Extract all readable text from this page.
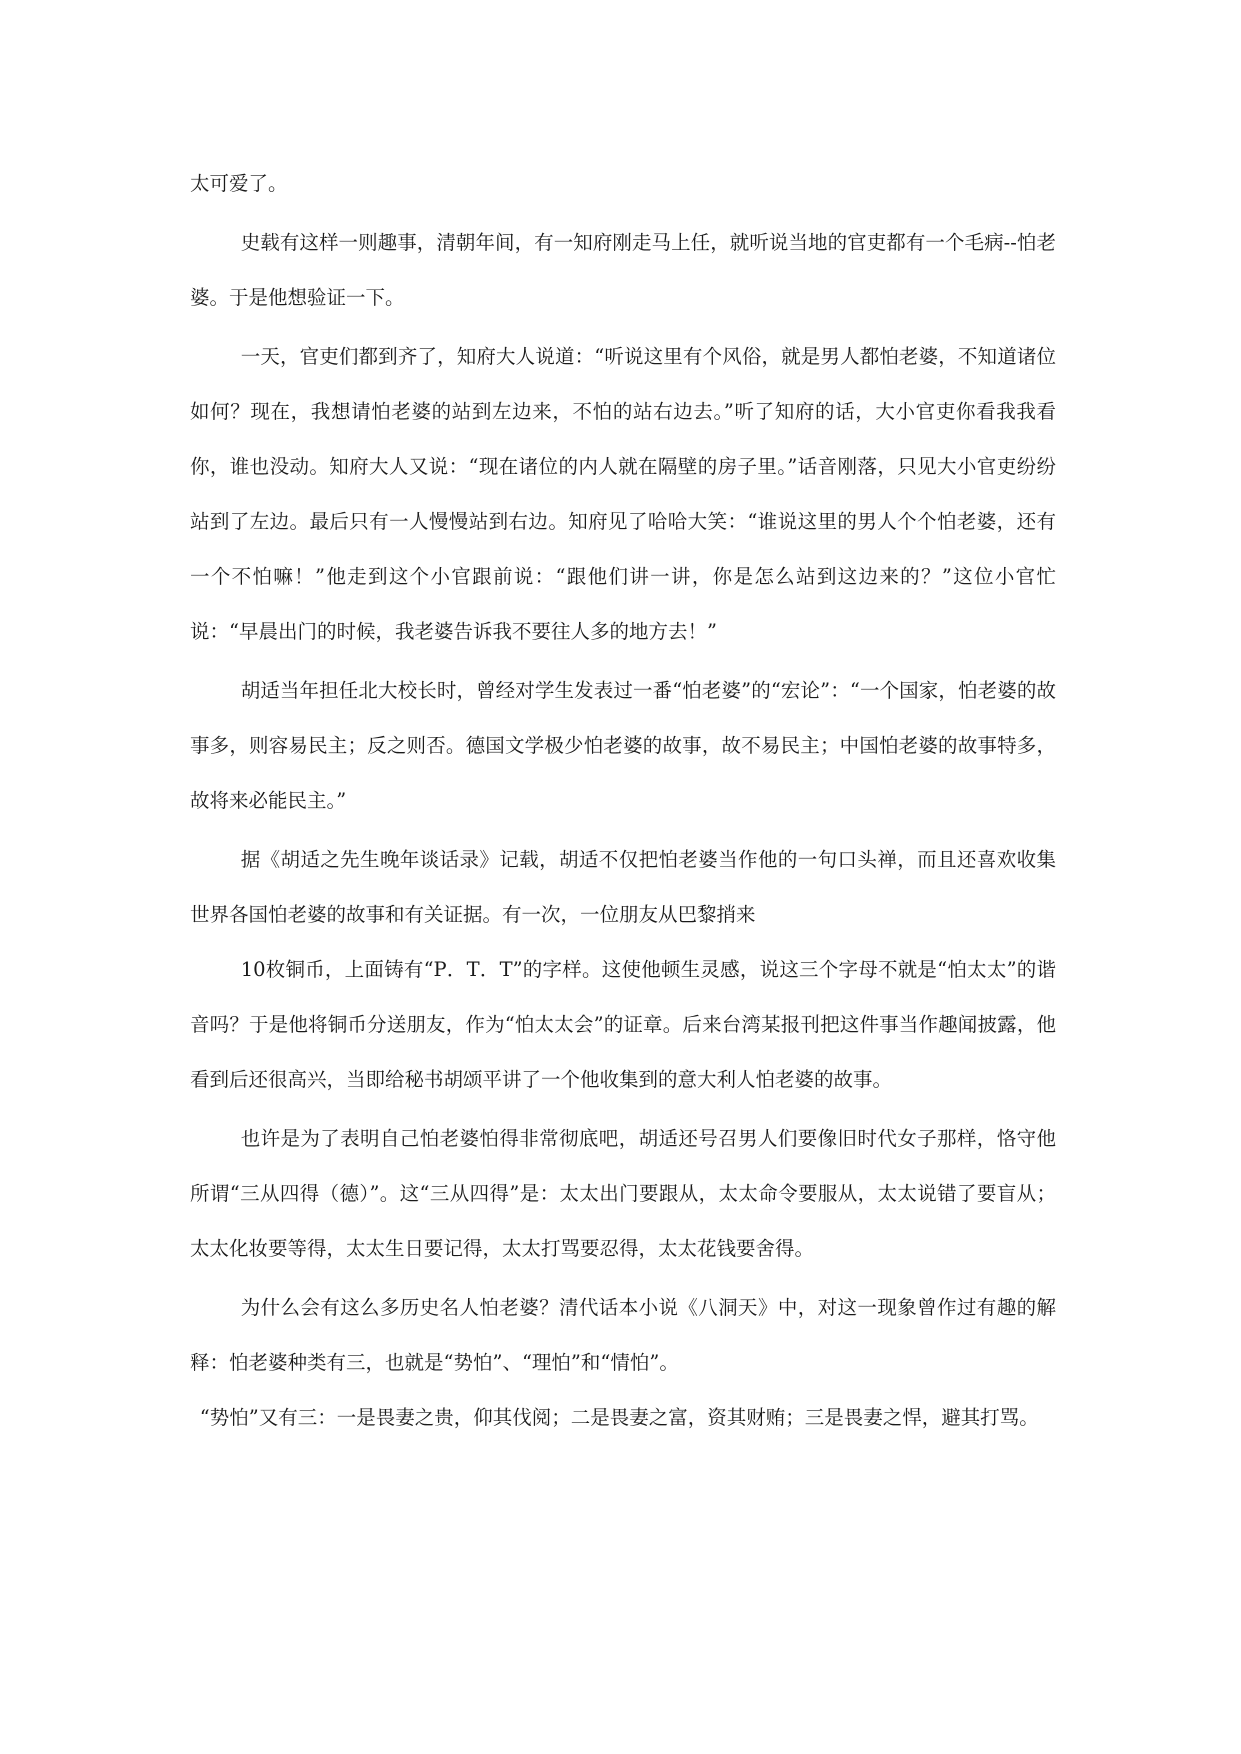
太可爱了。

史载有这样一则趣事，清朝年间，有一知府刚走马上任，就听说当地的官吏都有一个毛病--怕老婆。于是他想验证一下。

一天，官吏们都到齐了，知府大人说道：“听说这里有个风俗，就是男人都怕老婆，不知道诸位如何？现在，我想请怕老婆的站到左边来，不怕的站右边去。”听了知府的话，大小官吏你看我我看你，谁也没动。知府大人又说：“现在诸位的内人就在隔壁的房子里。”话音刚落，只见大小官吏纷纷站到了左边。最后只有一人慢慢站到右边。知府见了哈哈大笑：“谁说这里的男人个个怕老婆，还有一个不怕嘛！”他走到这个小官跟前说：“跟他们讲一讲，你是怎么站到这边来的？”这位小官忙说：“早晨出门的时候，我老婆告诉我不要往人多的地方去！”

胡适当年担任北大校长时，曾经对学生发表过一番“怕老婆”的“宏论”：“一个国家，怕老婆的故事多，则容易民主；反之则否。德国文学极少怕老婆的故事，故不易民主；中国怕老婆的故事特多，故将来必能民主。”

据《胡适之先生晚年谈话录》记载，胡适不仅把怕老婆当作他的一句口头禅，而且还喜欢收集世界各国怕老婆的故事和有关证据。有一次，一位朋友从巴黎捎来

10枚铜币，上面铸有“P．T．T”的字样。这使他顿生灵感，说这三个字母不就是“怕太太”的谐音吗？于是他将铜币分送朋友，作为“怕太太会”的证章。后来台湾某报刊把这件事当作趣闻披露，他看到后还很高兴，当即给秘书胡颂平讲了一个他收集到的意大利人怕老婆的故事。

也许是为了表明自己怕老婆怕得非常彻底吧，胡适还号召男人们要像旧时代女子那样，恪守他所谓“三从四得（德）”。这“三从四得”是：太太出门要跟从，太太命令要服从，太太说错了要盲从；太太化妆要等得，太太生日要记得，太太打骂要忍得，太太花钱要舍得。

为什么会有这么多历史名人怕老婆？清代话本小说《八洞天》中，对这一现象曾作过有趣的解释：怕老婆种类有三，也就是“势怕”、“理怕”和“情怕”。

“势怕”又有三：一是畏妻之贵，仰其伐阅；二是畏妻之富，资其财贿；三是畏妻之悍，避其打骂。
